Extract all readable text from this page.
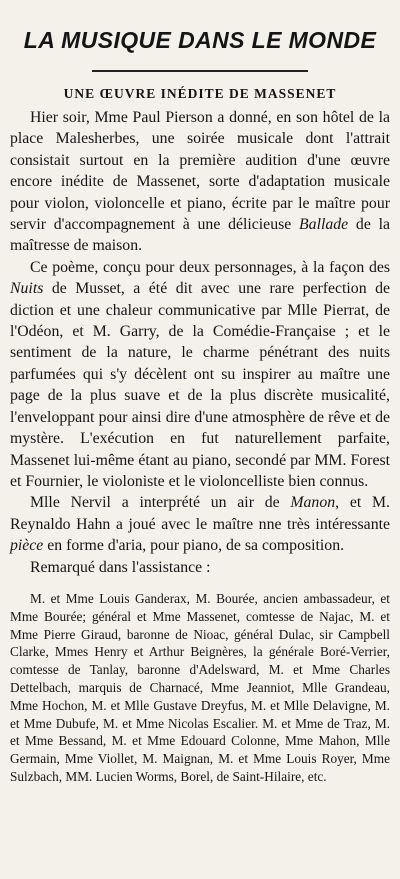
LA MUSIQUE DANS LE MONDE
UNE ŒUVRE INÉDITE DE MASSENET

Hier soir, Mme Paul Pierson a donné, en son hôtel de la place Malesherbes, une soirée musicale dont l'attrait consistait surtout en la première audition d'une œuvre encore inédite de Massenet, sorte d'adaptation musicale pour violon, violoncelle et piano, écrite par le maître pour servir d'accompagnement à une délicieuse Ballade de la maîtresse de maison.

Ce poème, conçu pour deux personnages, à la façon des Nuits de Musset, a été dit avec une rare perfection de diction et une chaleur communicative par Mlle Pierrat, de l'Odéon, et M. Garry, de la Comédie-Française ; et le sentiment de la nature, le charme pénétrant des nuits parfumées qui s'y décèlent ont su inspirer au maître une page de la plus suave et de la plus discrète musicalité, l'enveloppant pour ainsi dire d'une atmosphère de rêve et de mystère. L'exécution en fut naturellement parfaite, Massenet lui-même étant au piano, secondé par MM. Forest et Fournier, le violoniste et le violoncelliste bien connus.

Mlle Nervil a interprété un air de Manon, et M. Reynaldo Hahn a joué avec le maître nne très intéressante pièce en forme d'aria, pour piano, de sa composition.

Remarqué dans l'assistance :

M. et Mme Louis Ganderax, M. Bourée, ancien ambassadeur, et Mme Bourée; général et Mme Massenet, comtesse de Najac, M. et Mme Pierre Giraud, baronne de Nioac, général Dulac, sir Campbell Clarke, Mmes Henry et Arthur Beignères, la générale Boré-Verrier, comtesse de Tanlay, baronne d'Adelsward, M. et Mme Charles Dettelbach, marquis de Charnacé, Mme Jeanniot, Mlle Grandeau, Mme Hochon, M. et Mlle Gustave Dreyfus, M. et Mlle Delavigne, M. et Mme Dubufe, M. et Mme Nicolas Escalier. M. et Mme de Traz, M. et Mme Bessand, M. et Mme Edouard Colonne, Mme Mahon, Mlle Germain, Mme Viollet, M. Maignan, M. et Mme Louis Royer, Mme Sulzbach, MM. Lucien Worms, Borel, de Saint-Hilaire, etc.
